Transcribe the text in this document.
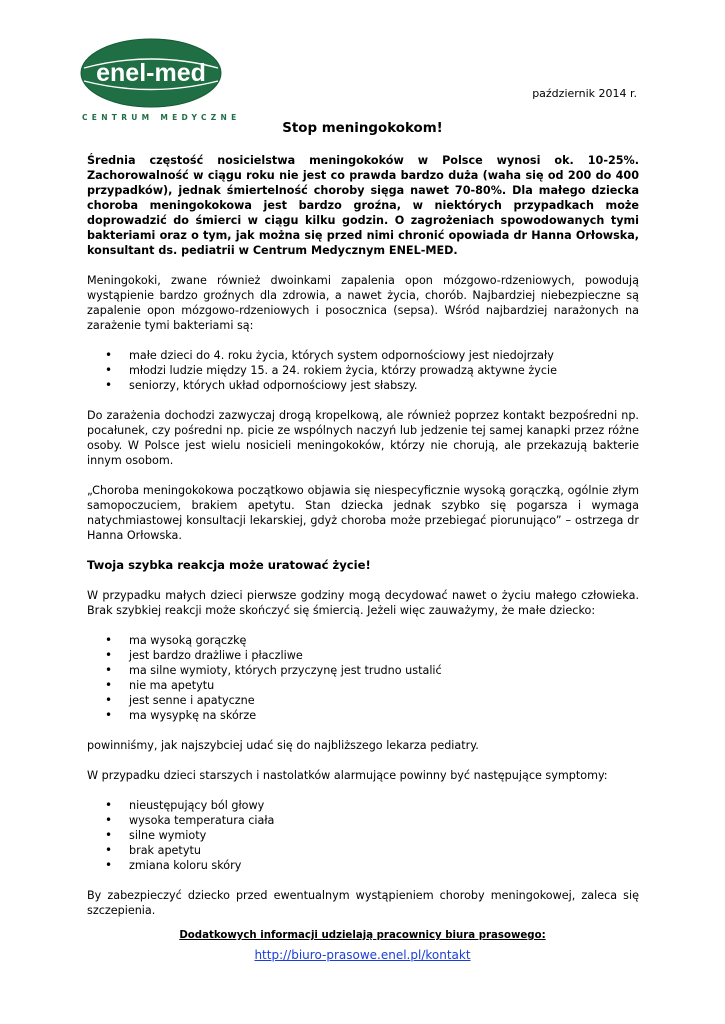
enel-med
CENTRUM MEDYCZNE
październik 2014 r.
Stop meningokokom!

Średnia częstość nosicielstwa meningokoków w Polsce wynosi ok. 10-25%. Zachorowalność w ciągu roku nie jest co prawda bardzo duża (waha się od 200 do 400 przypadków), jednak śmiertelność choroby sięga nawet 70-80%. Dla małego dziecka choroba meningokokowa jest bardzo groźna, w niektórych przypadkach może doprowadzić do śmierci w ciągu kilku godzin. O zagrożeniach spowodowanych tymi bakteriami oraz o tym, jak można się przed nimi chronić opowiada dr Hanna Orłowska, konsultant ds. pediatrii w Centrum Medycznym ENEL-MED.

Meningokoki, zwane również dwoinkami zapalenia opon mózgowo-rdzeniowych, powodują wystąpienie bardzo groźnych dla zdrowia, a nawet życia, chorób. Najbardziej niebezpieczne są zapalenie opon mózgowo-rdzeniowych i posocznica (sepsa). Wśród najbardziej narażonych na zarażenie tymi bakteriami są:

• małe dzieci do 4. roku życia, których system odpornościowy jest niedojrzały
• młodzi ludzie między 15. a 24. rokiem życia, którzy prowadzą aktywne życie
• seniorzy, których układ odpornościowy jest słabszy.

Do zarażenia dochodzi zazwyczaj drogą kropelkową, ale również poprzez kontakt bezpośredni np. pocałunek, czy pośredni np. picie ze wspólnych naczyń lub jedzenie tej samej kanapki przez różne osoby. W Polsce jest wielu nosicieli meningokoków, którzy nie chorują, ale przekazują bakterie innym osobom.

„Choroba meningokokowa początkowo objawia się niespecyficznie wysoką gorączką, ogólnie złym samopoczuciem, brakiem apetytu. Stan dziecka jednak szybko się pogarsza i wymaga natychmiastowej konsultacji lekarskiej, gdyż choroba może przebiegać piorunująco” – ostrzega dr Hanna Orłowska.

Twoja szybka reakcja może uratować życie!

W przypadku małych dzieci pierwsze godziny mogą decydować nawet o życiu małego człowieka. Brak szybkiej reakcji może skończyć się śmiercią. Jeżeli więc zauważymy, że małe dziecko:

• ma wysoką gorączkę
• jest bardzo drażliwe i płaczliwe
• ma silne wymioty, których przyczynę jest trudno ustalić
• nie ma apetytu
• jest senne i apatyczne
• ma wysypkę na skórze

powinniśmy, jak najszybciej udać się do najbliższego lekarza pediatry.

W przypadku dzieci starszych i nastolatków alarmujące powinny być następujące symptomy:

• nieustępujący ból głowy
• wysoka temperatura ciała
• silne wymioty
• brak apetytu
• zmiana koloru skóry

By zabezpieczyć dziecko przed ewentualnym wystąpieniem choroby meningokowej, zaleca się szczepienia.

Dodatkowych informacji udzielają pracownicy biura prasowego:
http://biuro-prasowe.enel.pl/kontakt
